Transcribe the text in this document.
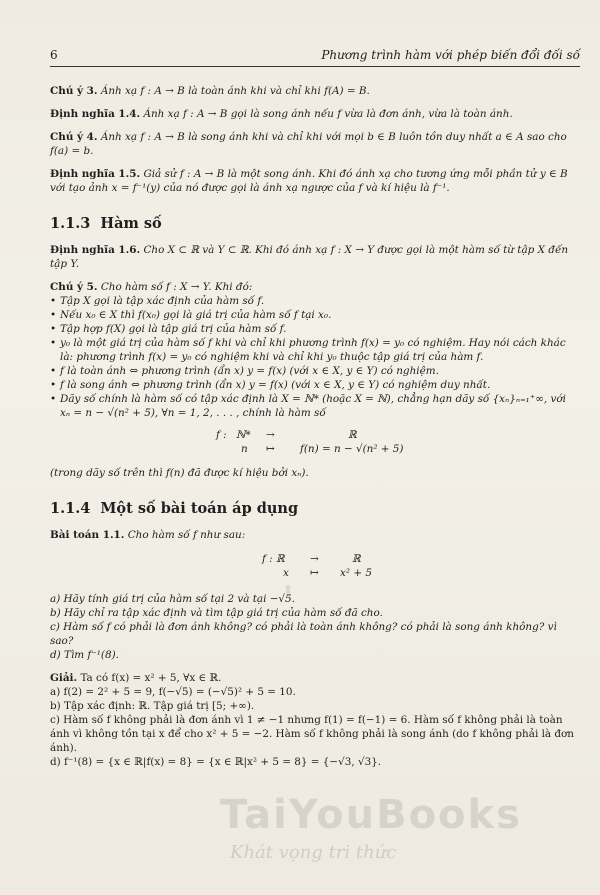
6	Phương trình hàm với phép biến đổi đối số

Chú ý 3. Ánh xạ f : A → B là toàn ánh khi và chỉ khi f(A) = B.

Định nghĩa 1.4. Ánh xạ f : A → B gọi là song ánh nếu f vừa là đơn ánh, vừa là toàn ánh.

Chú ý 4. Ánh xạ f : A → B là song ánh khi và chỉ khi với mọi b ∈ B luôn tồn duy nhất a ∈ A sao cho f(a) = b.

Định nghĩa 1.5. Giả sử f : A → B là một song ánh. Khi đó ánh xạ cho tương ứng mỗi phần tử y ∈ B với tạo ảnh x = f⁻¹(y) của nó được gọi là ánh xạ ngược của f và kí hiệu là f⁻¹.

1.1.3 Hàm số

Định nghĩa 1.6. Cho X ⊂ ℝ và Y ⊂ ℝ. Khi đó ánh xạ f : X → Y được gọi là một hàm số từ tập X đến tập Y.

Chú ý 5. Cho hàm số f : X → Y. Khi đó:

• Tập X gọi là tập xác định của hàm số f.

• Nếu x₀ ∈ X thì f(x₀) gọi là giá trị của hàm số f tại x₀.

• Tập hợp f(X) gọi là tập giá trị của hàm số f.

• y₀ là một giá trị của hàm số f khi và chỉ khi phương trình f(x) = y₀ có nghiệm. Hay nói cách khác là: phương trình f(x) = y₀ có nghiệm khi và chỉ khi y₀ thuộc tập giá trị của hàm f.

• f là toàn ánh ⇔ phương trình (ẩn x) y = f(x) (với x ∈ X, y ∈ Y) có nghiệm.

• f là song ánh ⇔ phương trình (ẩn x) y = f(x) (với x ∈ X, y ∈ Y) có nghiệm duy nhất.

• Dãy số chính là hàm số có tập xác định là X = ℕ* (hoặc X = ℕ), chẳng hạn dãy số {xₙ}ₙ₌₁⁺∞, với xₙ = n − √(n² + 5), ∀n = 1, 2, . . . , chính là hàm số

f : ℕ* →	ℝ
n ↦ f(n) = n − √(n² + 5)

(trong dãy số trên thì f(n) đã được kí hiệu bởi xₙ).

1.1.4 Một số bài toán áp dụng

Bài toán 1.1. Cho hàm số f như sau:

f : ℝ →	ℝ
x ↦ x² + 5

a) Hãy tính giá trị của hàm số tại 2 và tại −√5.

b) Hãy chỉ ra tập xác định và tìm tập giá trị của hàm số đã cho.

c) Hàm số f có phải là đơn ánh không? có phải là toàn ánh không? có phải là song ánh không? vì sao?

d) Tìm f⁻¹(8).

Giải. Ta có f(x) = x² + 5, ∀x ∈ ℝ.

a) f(2) = 2² + 5 = 9, f(−√5) = (−√5)² + 5 = 10.

b) Tập xác định: ℝ. Tập giá trị [5; +∞).

c) Hàm số f không phải là đơn ánh vì 1 ≠ −1 nhưng f(1) = f(−1) = 6. Hàm số f không phải là toàn ánh vì không tồn tại x để cho x² + 5 = −2. Hàm số f không phải là song ánh (do f không phải là đơn ánh).

d) f⁻¹(8) = {x ∈ ℝ|f(x) = 8} = {x ∈ ℝ|x² + 5 = 8} = {−√3, √3}.

TaiYouBooks
Khát vọng tri thức
